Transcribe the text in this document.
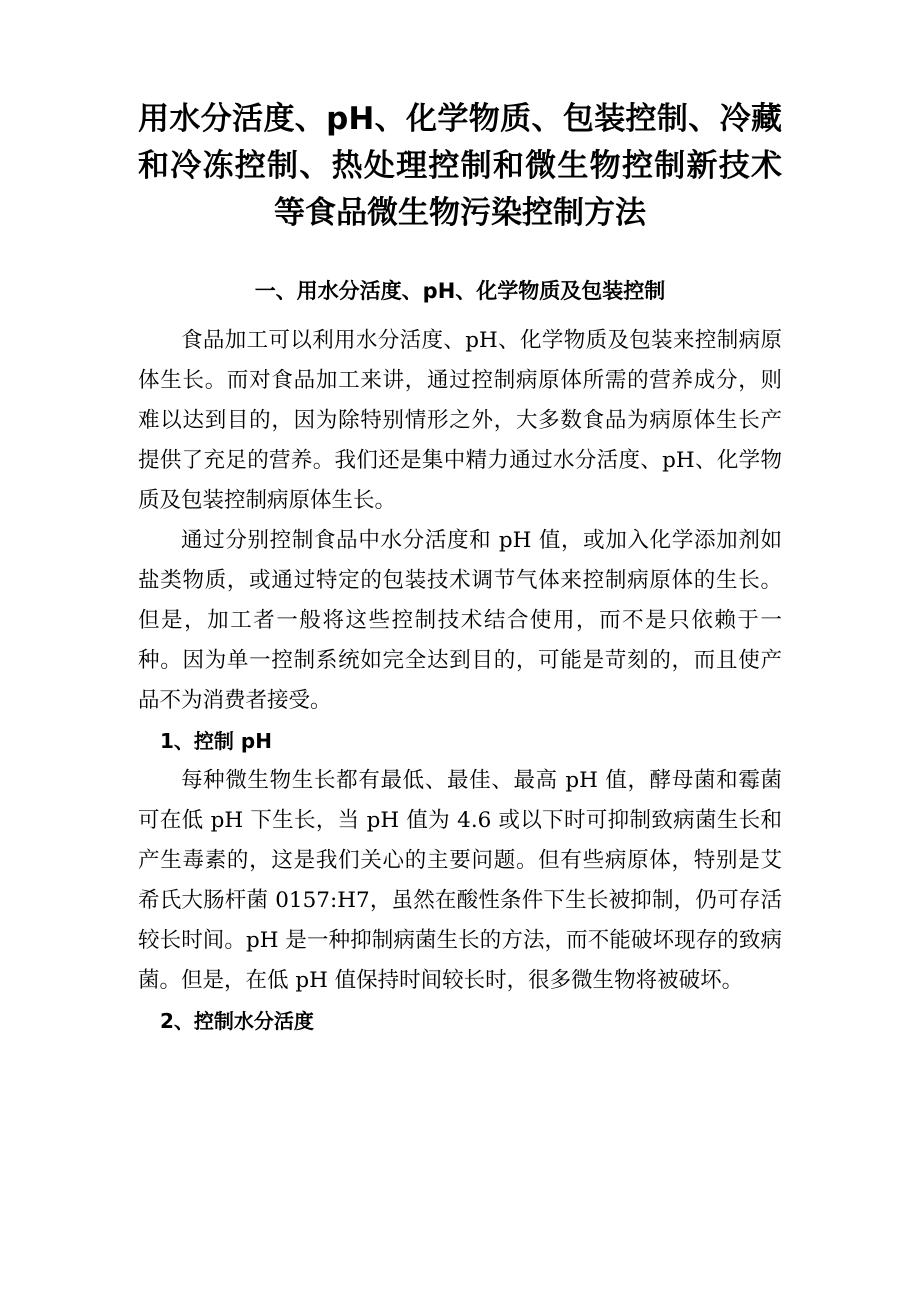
用水分活度、pH、化学物质、包装控制、冷藏和冷冻控制、热处理控制和微生物控制新技术等食品微生物污染控制方法
一、用水分活度、pH、化学物质及包装控制

食品加工可以利用水分活度、pH、化学物质及包装来控制病原体生长。而对食品加工来讲，通过控制病原体所需的营养成分，则难以达到目的，因为除特别情形之外，大多数食品为病原体生长产提供了充足的营养。我们还是集中精力通过水分活度、pH、化学物质及包装控制病原体生长。

通过分别控制食品中水分活度和 pH 值，或加入化学添加剂如盐类物质，或通过特定的包装技术调节气体来控制病原体的生长。但是，加工者一般将这些控制技术结合使用，而不是只依赖于一种。因为单一控制系统如完全达到目的，可能是苛刻的，而且使产品不为消费者接受。

1、控制 pH

每种微生物生长都有最低、最佳、最高 pH 值，酵母菌和霉菌可在低 pH 下生长，当 pH 值为 4.6 或以下时可抑制致病菌生长和产生毒素的，这是我们关心的主要问题。但有些病原体，特别是艾希氏大肠杆菌 0157:H7，虽然在酸性条件下生长被抑制，仍可存活较长时间。pH 是一种抑制病菌生长的方法，而不能破坏现存的致病菌。但是，在低 pH 值保持时间较长时，很多微生物将被破坏。

2、控制水分活度
